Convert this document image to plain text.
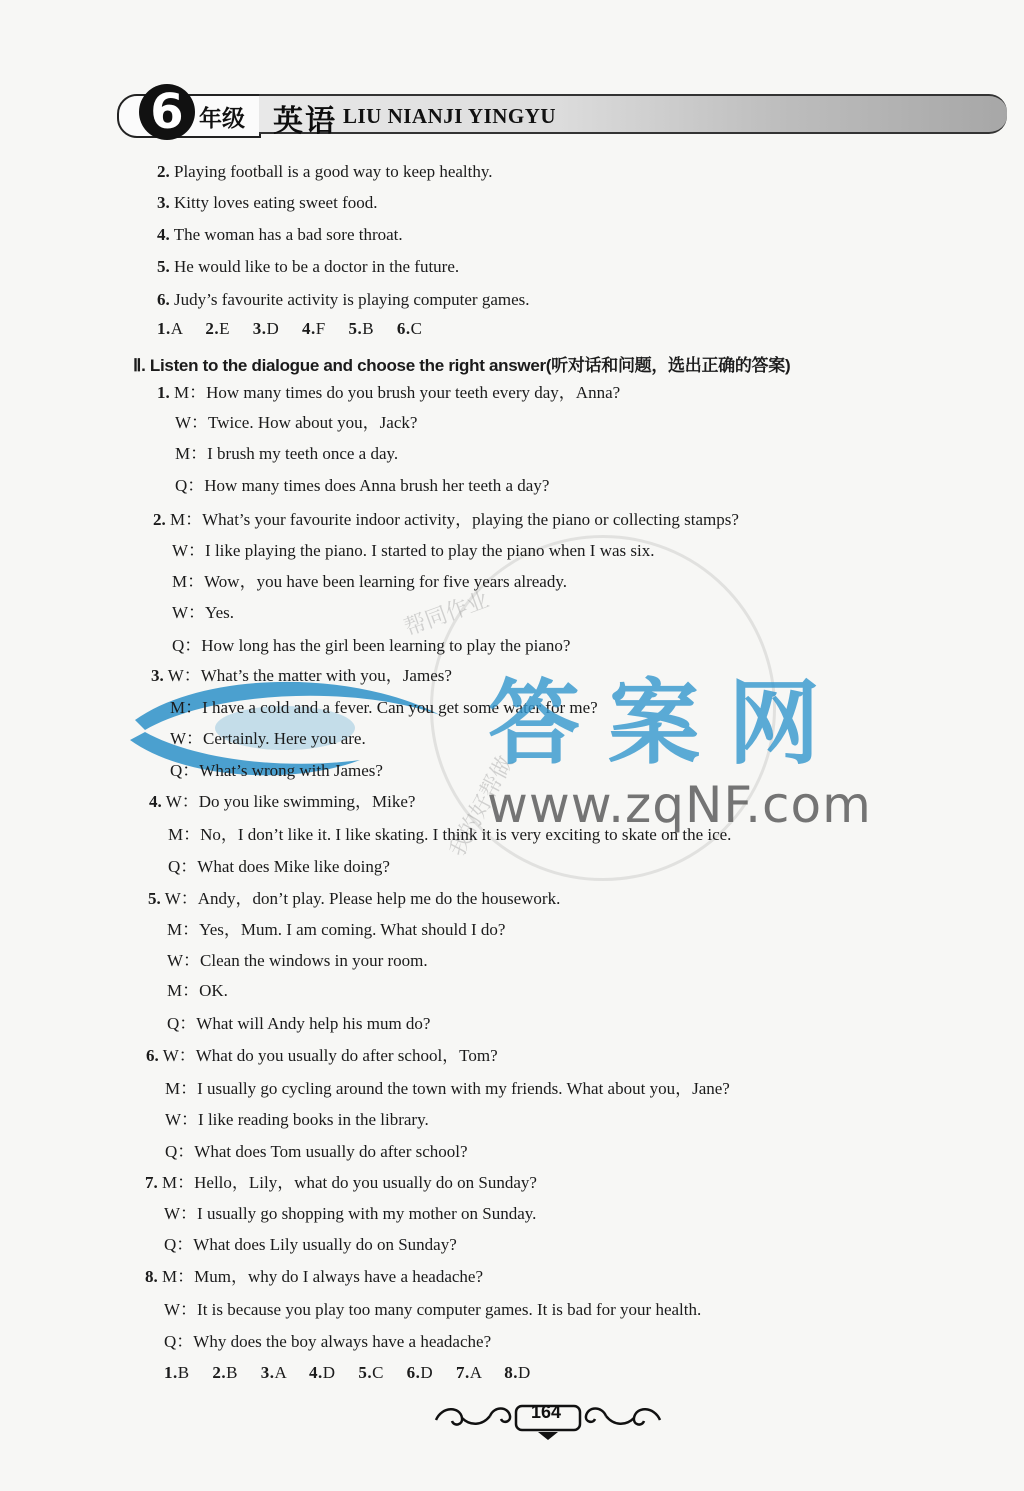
6 年级 英语 LIU NIANJI YINGYU
帮同作业
我的好帮做
2. Playing football is a good way to keep healthy.
3. Kitty loves eating sweet food.
4. The woman has a bad sore throat.
5. He would like to be a doctor in the future.
6. Judy’s favourite activity is playing computer games.
1.A 2.E 3.D 4.F 5.B 6.C
Ⅱ. Listen to the dialogue and choose the right answer(听对话和问题，选出正确的答案)
1. M：How many times do you brush your teeth every day，Anna?
W：Twice. How about you，Jack?
M：I brush my teeth once a day.
Q：How many times does Anna brush her teeth a day?
2. M：What’s your favourite indoor activity，playing the piano or collecting stamps?
W：I like playing the piano. I started to play the piano when I was six.
M：Wow，you have been learning for five years already.
W：Yes.
Q：How long has the girl been learning to play the piano?
3. W：What’s the matter with you，James?
M：I have a cold and a fever. Can you get some water for me?
W：Certainly. Here you are.
Q：What’s wrong with James?
4. W：Do you like swimming，Mike?
M：No，I don’t like it. I like skating. I think it is very exciting to skate on the ice.
Q：What does Mike like doing?
5. W：Andy，don’t play. Please help me do the housework.
M：Yes，Mum. I am coming. What should I do?
W：Clean the windows in your room.
M：OK.
Q：What will Andy help his mum do?
6. W：What do you usually do after school，Tom?
M：I usually go cycling around the town with my friends. What about you，Jane?
W：I like reading books in the library.
Q：What does Tom usually do after school?
7. M：Hello，Lily，what do you usually do on Sunday?
W：I usually go shopping with my mother on Sunday.
Q：What does Lily usually do on Sunday?
8. M：Mum，why do I always have a headache?
W：It is because you play too many computer games. It is bad for your health.
Q：Why does the boy always have a headache?
1.B 2.B 3.A 4.D 5.C 6.D 7.A 8.D
答案网
www.zqNF.com
164
